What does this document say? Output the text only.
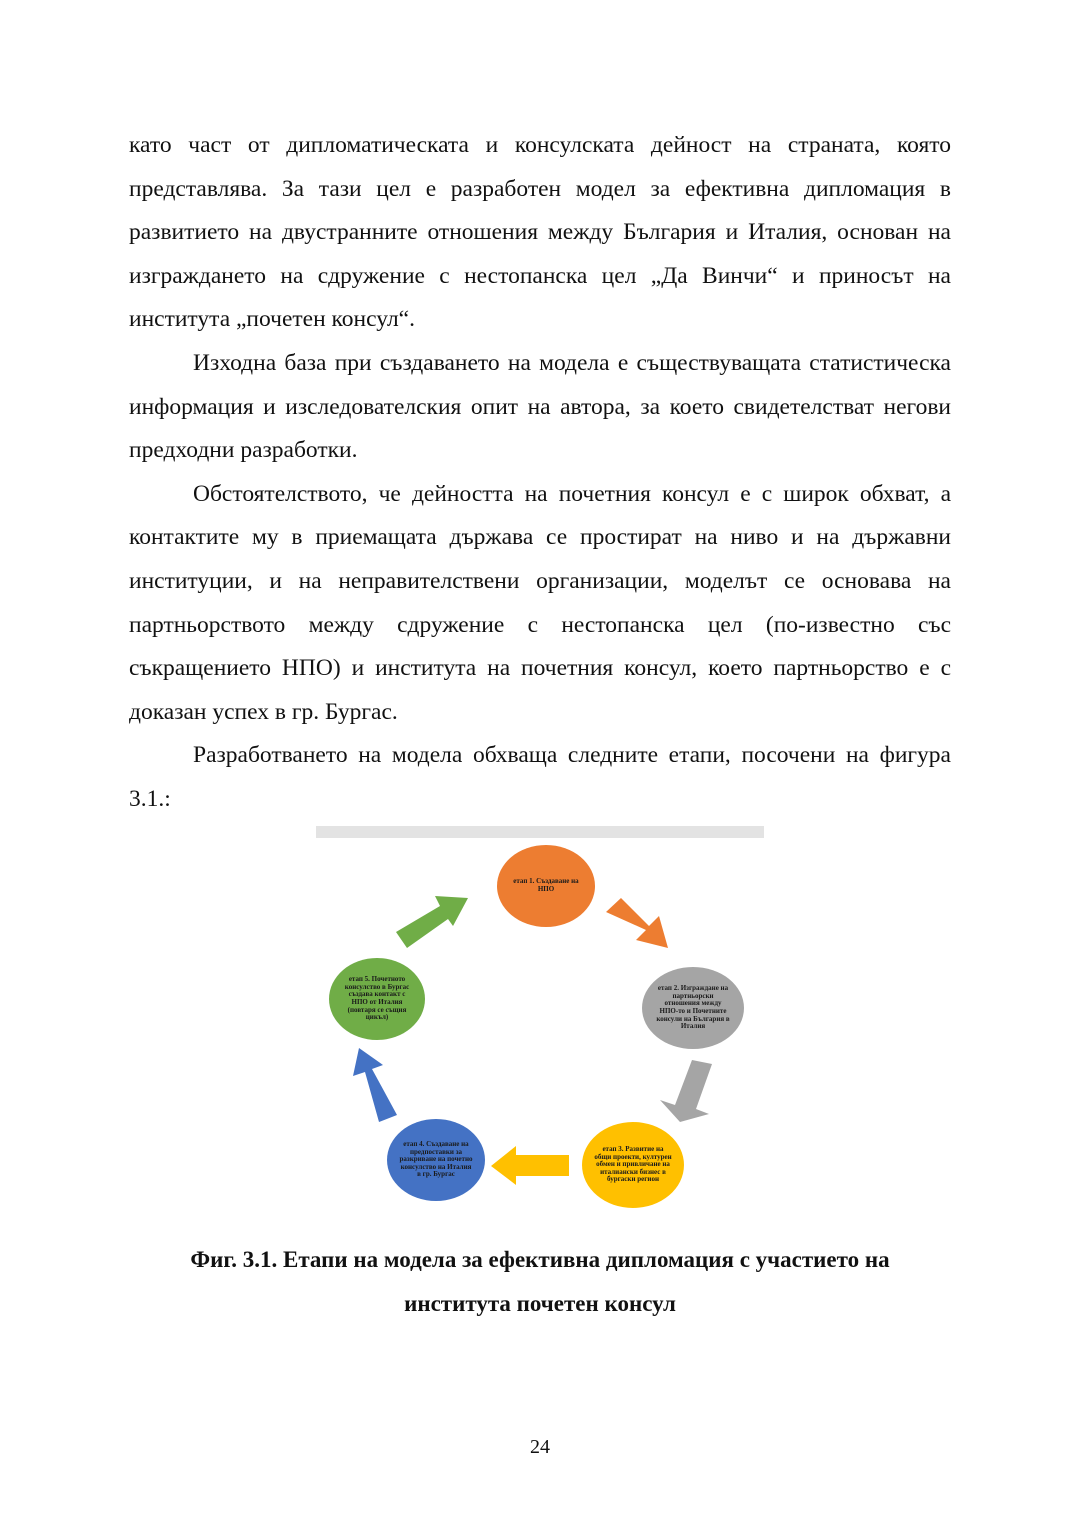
като част от дипломатическата и консулската дейност на страната, която представлява. За тази цел е разработен модел за ефективна дипломация в развитието на двустранните отношения между България и Италия, основан на изграждането на сдружение с нестопанска цел „Да Винчи“ и приносът на института „почетен консул“.

Изходна база при създаването на модела е съществуващата статистическа информация и изследователския опит на автора, за което свидетелстват негови предходни разработки.

Обстоятелството, че дейността на почетния консул е с широк обхват, а контактите му в приемащата държава се простират на ниво и на държавни институции, и на неправителствени организации, моделът се основава на партньорството между сдружение с нестопанска цел (по-известно със съкращението НПО) и института на почетния консул, което партньорство е с доказан успех в гр. Бургас.

Разработването на модела обхваща следните етапи, посочени на фигура 3.1.:

етап 1. Създаване на НПО
етап 2. Изграждане на партньорски отношения между НПО-то и Почетните консули на България в Италия
етап 3. Развитие на общи проекти, културен обмен и привличане на италиански бизнес в бургаски регион
етап 4. Създаване на предпоставки за разкриване на почетно консулство на Италия в гр. Бургас
етап 5. Почетното консулство в Бургас създава контакт с НПО от Италия (повтаря се същия цикъл)
Фиг. 3.1. Етапи на модела за ефективна дипломация с участието на
института почетен консул
24
